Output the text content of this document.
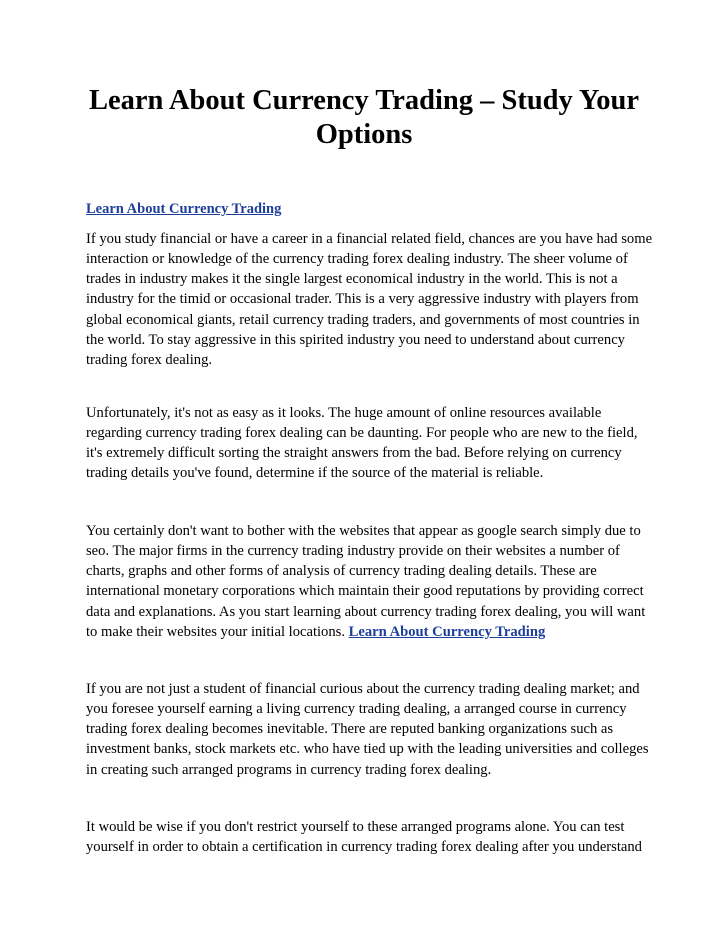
Learn About Currency Trading – Study Your
Options
Learn About Currency Trading

If you study financial or have a career in a financial related field, chances are you have had some
interaction or knowledge of the currency trading forex dealing industry. The sheer volume of
trades in industry makes it the single largest economical industry in the world. This is not a
industry for the timid or occasional trader. This is a very aggressive industry with players from
global economical giants, retail currency trading traders, and governments of most countries in
the world. To stay aggressive in this spirited industry you need to understand about currency
trading forex dealing.

Unfortunately, it's not as easy as it looks. The huge amount of online resources available
regarding currency trading forex dealing can be daunting. For people who are new to the field,
it's extremely difficult sorting the straight answers from the bad. Before relying on currency
trading details you've found, determine if the source of the material is reliable.

You certainly don't want to bother with the websites that appear as google search simply due to
seo. The major firms in the currency trading industry provide on their websites a number of
charts, graphs and other forms of analysis of currency trading dealing details. These are
international monetary corporations which maintain their good reputations by providing correct
data and explanations. As you start learning about currency trading forex dealing, you will want
to make their websites your initial locations. Learn About Currency Trading

If you are not just a student of financial curious about the currency trading dealing market; and
you foresee yourself earning a living currency trading dealing, a arranged course in currency
trading forex dealing becomes inevitable. There are reputed banking organizations such as
investment banks, stock markets etc. who have tied up with the leading universities and colleges
in creating such arranged programs in currency trading forex dealing.

It would be wise if you don't restrict yourself to these arranged programs alone. You can test
yourself in order to obtain a certification in currency trading forex dealing after you understand
